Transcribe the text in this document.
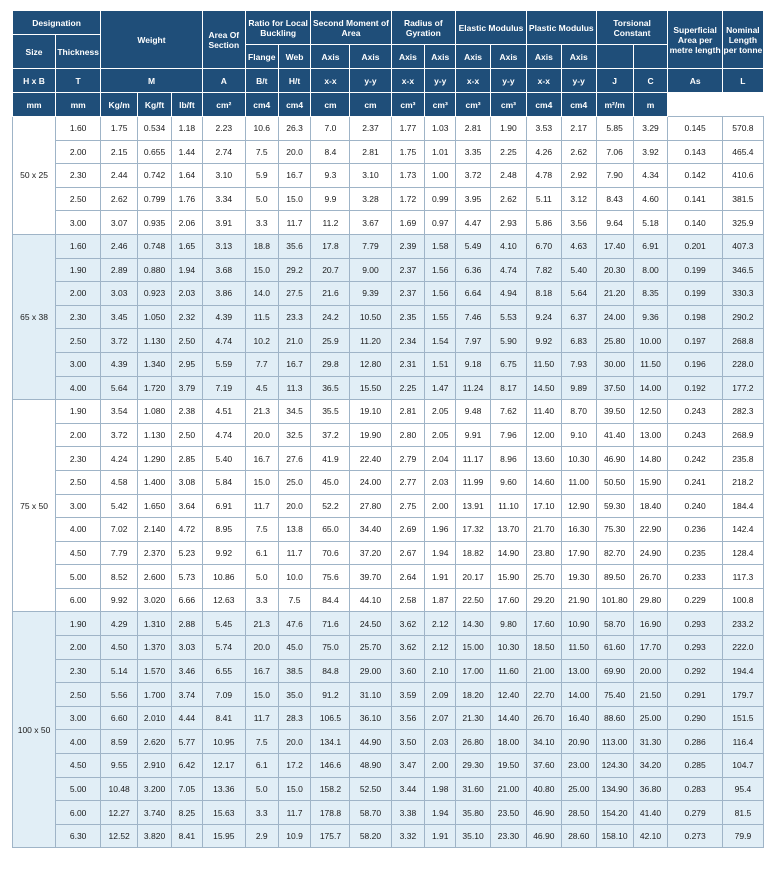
Designation		Weight			Area Of Section	Ratio for Local Buckling		Second Moment of Area		Radius of Gyration		Elastic Modulus		Plastic Modulus		Torsional Constant		Superficial Area per metre length	Nominal Length per tonne
Size	Thickness																		
						Flange	Web	Axis	Axis	Axis	Axis	Axis	Axis	Axis	Axis				
H x B	T	M			A	B/t	H/t	x-x	y-y	x-x	y-y	x-x	y-y	x-x	y-y	J	C	As	L
mm	mm	Kg/m	Kg/ft	lb/ft	cm²	cm4	cm4	cm	cm	cm³	cm³	cm³	cm³	cm4	cm4	m²/m	m		
50 x 25	1.60	1.75	0.534	1.18	2.23	10.6	26.3	7.0	2.37	1.77	1.03	2.81	1.90	3.53	2.17	5.85	3.29	0.145	570.8
	2.00	2.15	0.655	1.44	2.74	7.5	20.0	8.4	2.81	1.75	1.01	3.35	2.25	4.26	2.62	7.06	3.92	0.143	465.4
	2.30	2.44	0.742	1.64	3.10	5.9	16.7	9.3	3.10	1.73	1.00	3.72	2.48	4.78	2.92	7.90	4.34	0.142	410.6
	2.50	2.62	0.799	1.76	3.34	5.0	15.0	9.9	3.28	1.72	0.99	3.95	2.62	5.11	3.12	8.43	4.60	0.141	381.5
	3.00	3.07	0.935	2.06	3.91	3.3	11.7	11.2	3.67	1.69	0.97	4.47	2.93	5.86	3.56	9.64	5.18	0.140	325.9
65 x 38	1.60	2.46	0.748	1.65	3.13	18.8	35.6	17.8	7.79	2.39	1.58	5.49	4.10	6.70	4.63	17.40	6.91	0.201	407.3
	1.90	2.89	0.880	1.94	3.68	15.0	29.2	20.7	9.00	2.37	1.56	6.36	4.74	7.82	5.40	20.30	8.00	0.199	346.5
	2.00	3.03	0.923	2.03	3.86	14.0	27.5	21.6	9.39	2.37	1.56	6.64	4.94	8.18	5.64	21.20	8.35	0.199	330.3
	2.30	3.45	1.050	2.32	4.39	11.5	23.3	24.2	10.50	2.35	1.55	7.46	5.53	9.24	6.37	24.00	9.36	0.198	290.2
	2.50	3.72	1.130	2.50	4.74	10.2	21.0	25.9	11.20	2.34	1.54	7.97	5.90	9.92	6.83	25.80	10.00	0.197	268.8
	3.00	4.39	1.340	2.95	5.59	7.7	16.7	29.8	12.80	2.31	1.51	9.18	6.75	11.50	7.93	30.00	11.50	0.196	228.0
	4.00	5.64	1.720	3.79	7.19	4.5	11.3	36.5	15.50	2.25	1.47	11.24	8.17	14.50	9.89	37.50	14.00	0.192	177.2
75 x 50	1.90	3.54	1.080	2.38	4.51	21.3	34.5	35.5	19.10	2.81	2.05	9.48	7.62	11.40	8.70	39.50	12.50	0.243	282.3
	2.00	3.72	1.130	2.50	4.74	20.0	32.5	37.2	19.90	2.80	2.05	9.91	7.96	12.00	9.10	41.40	13.00	0.243	268.9
	2.30	4.24	1.290	2.85	5.40	16.7	27.6	41.9	22.40	2.79	2.04	11.17	8.96	13.60	10.30	46.90	14.80	0.242	235.8
	2.50	4.58	1.400	3.08	5.84	15.0	25.0	45.0	24.00	2.77	2.03	11.99	9.60	14.60	11.00	50.50	15.90	0.241	218.2
	3.00	5.42	1.650	3.64	6.91	11.7	20.0	52.2	27.80	2.75	2.00	13.91	11.10	17.10	12.90	59.30	18.40	0.240	184.4
	4.00	7.02	2.140	4.72	8.95	7.5	13.8	65.0	34.40	2.69	1.96	17.32	13.70	21.70	16.30	75.30	22.90	0.236	142.4
	4.50	7.79	2.370	5.23	9.92	6.1	11.7	70.6	37.20	2.67	1.94	18.82	14.90	23.80	17.90	82.70	24.90	0.235	128.4
	5.00	8.52	2.600	5.73	10.86	5.0	10.0	75.6	39.70	2.64	1.91	20.17	15.90	25.70	19.30	89.50	26.70	0.233	117.3
	6.00	9.92	3.020	6.66	12.63	3.3	7.5	84.4	44.10	2.58	1.87	22.50	17.60	29.20	21.90	101.80	29.80	0.229	100.8
100 x 50	1.90	4.29	1.310	2.88	5.45	21.3	47.6	71.6	24.50	3.62	2.12	14.30	9.80	17.60	10.90	58.70	16.90	0.293	233.2
	2.00	4.50	1.370	3.03	5.74	20.0	45.0	75.0	25.70	3.62	2.12	15.00	10.30	18.50	11.50	61.60	17.70	0.293	222.0
	2.30	5.14	1.570	3.46	6.55	16.7	38.5	84.8	29.00	3.60	2.10	17.00	11.60	21.00	13.00	69.90	20.00	0.292	194.4
	2.50	5.56	1.700	3.74	7.09	15.0	35.0	91.2	31.10	3.59	2.09	18.20	12.40	22.70	14.00	75.40	21.50	0.291	179.7
	3.00	6.60	2.010	4.44	8.41	11.7	28.3	106.5	36.10	3.56	2.07	21.30	14.40	26.70	16.40	88.60	25.00	0.290	151.5
	4.00	8.59	2.620	5.77	10.95	7.5	20.0	134.1	44.90	3.50	2.03	26.80	18.00	34.10	20.90	113.00	31.30	0.286	116.4
	4.50	9.55	2.910	6.42	12.17	6.1	17.2	146.6	48.90	3.47	2.00	29.30	19.50	37.60	23.00	124.30	34.20	0.285	104.7
	5.00	10.48	3.200	7.05	13.36	5.0	15.0	158.2	52.50	3.44	1.98	31.60	21.00	40.80	25.00	134.90	36.80	0.283	95.4
	6.00	12.27	3.740	8.25	15.63	3.3	11.7	178.8	58.70	3.38	1.94	35.80	23.50	46.90	28.50	154.20	41.40	0.279	81.5
	6.30	12.52	3.820	8.41	15.95	2.9	10.9	175.7	58.20	3.32	1.91	35.10	23.30	46.90	28.60	158.10	42.10	0.273	79.9
